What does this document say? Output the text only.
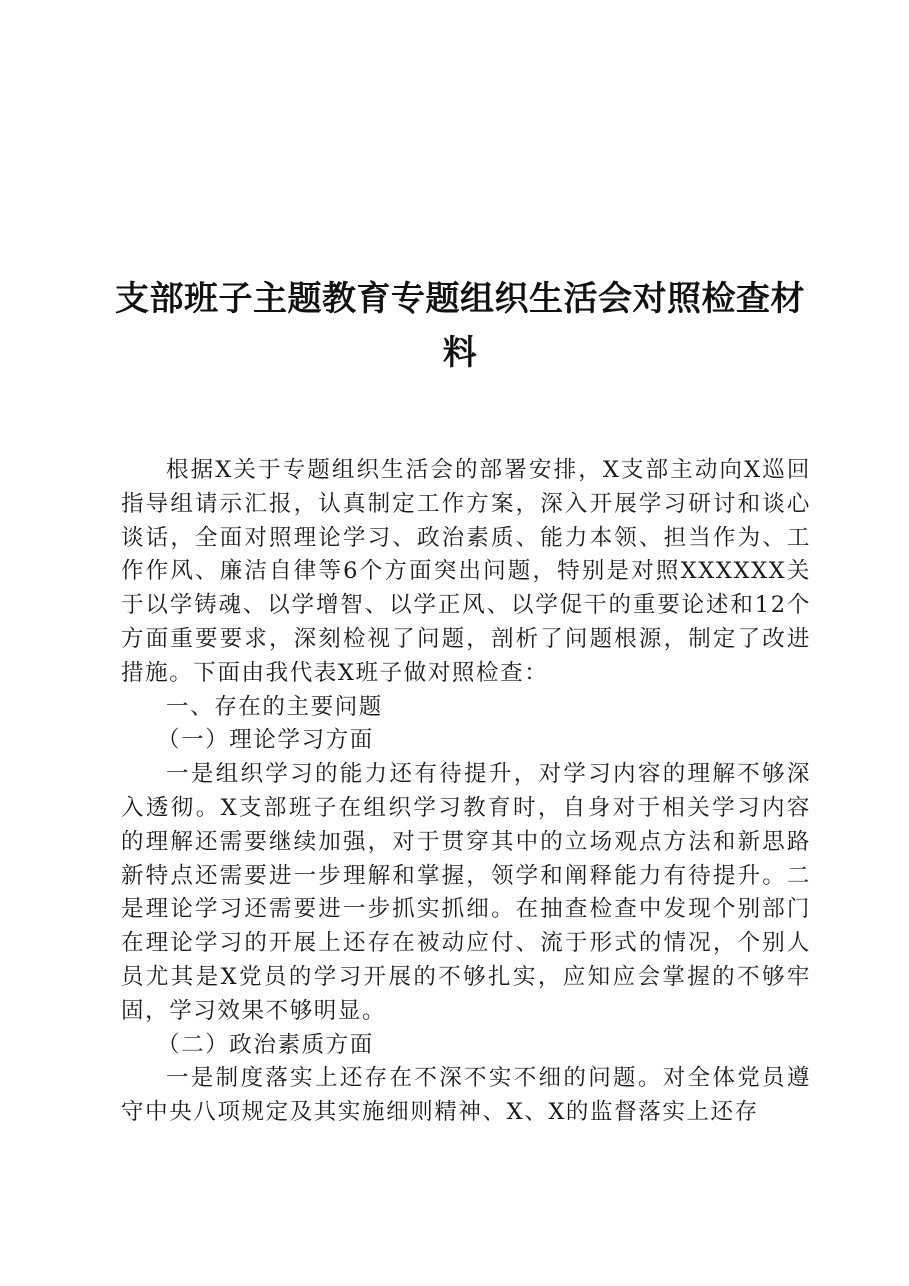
支部班子主题教育专题组织生活会对照检查材料

根据X关于专题组织生活会的部署安排，X支部主动向X巡回指导组请示汇报，认真制定工作方案，深入开展学习研讨和谈心谈话，全面对照理论学习、政治素质、能力本领、担当作为、工作作风、廉洁自律等6个方面突出问题，特别是对照XXXXXX关于以学铸魂、以学增智、以学正风、以学促干的重要论述和12个方面重要要求，深刻检视了问题，剖析了问题根源，制定了改进措施。下面由我代表X班子做对照检查：

一、存在的主要问题

（一）理论学习方面

一是组织学习的能力还有待提升，对学习内容的理解不够深入透彻。X支部班子在组织学习教育时，自身对于相关学习内容的理解还需要继续加强，对于贯穿其中的立场观点方法和新思路新特点还需要进一步理解和掌握，领学和阐释能力有待提升。二是理论学习还需要进一步抓实抓细。在抽查检查中发现个别部门在理论学习的开展上还存在被动应付、流于形式的情况，个别人员尤其是X党员的学习开展的不够扎实，应知应会掌握的不够牢固，学习效果不够明显。

（二）政治素质方面

一是制度落实上还存在不深不实不细的问题。对全体党员遵守中央八项规定及其实施细则精神、X、X的监督落实上还存
